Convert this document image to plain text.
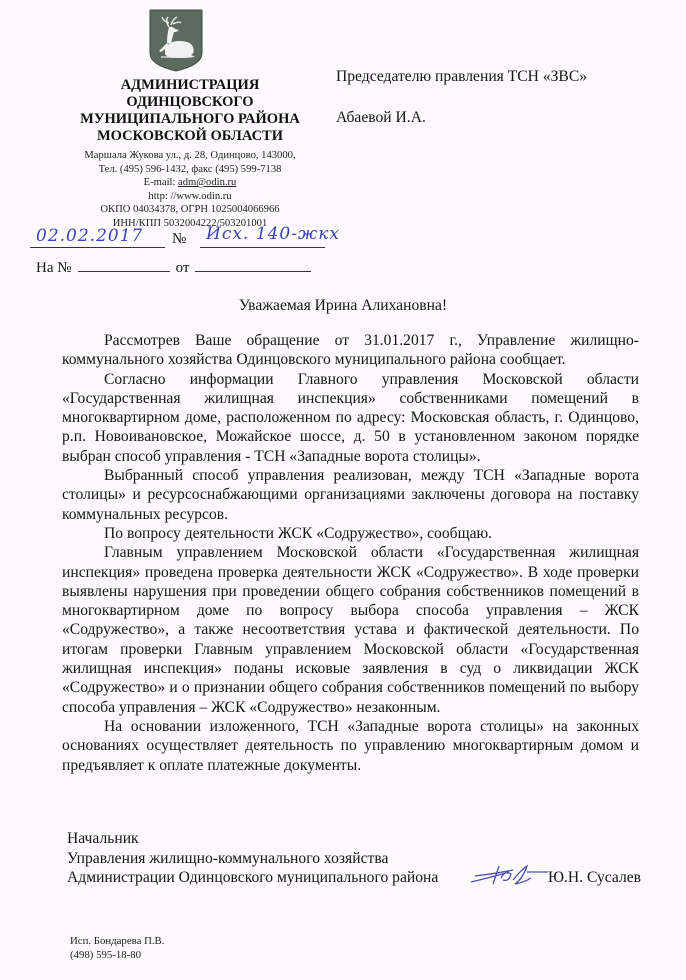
АДМИНИСТРАЦИЯ
ОДИНЦОВСКОГО
МУНИЦИПАЛЬНОГО РАЙОНА
МОСКОВСКОЙ ОБЛАСТИ
Маршала Жукова ул., д. 28, Одинцово, 143000,
Тел. (495) 596-1432, факс (495) 599-7138
E-mail: adm@odin.ru
http: //www.odin.ru
ОКПО 04034378, ОГРН 1025004066966
ИНН/КПП 5032004222/503201001
Председателю правления ТСН «ЗВС»
Абаевой И.А.
02.02.2017 № Исх. 140-жкх
На №	от
Уважаемая Ирина Алихановна!

Рассмотрев Ваше обращение от 31.01.2017 г., Управление жилищно-коммунального хозяйства Одинцовского муниципального района сообщает.

Согласно информации Главного управления Московской области «Государственная жилищная инспекция» собственниками помещений в многоквартирном доме, расположенном по адресу: Московская область, г. Одинцово, р.п. Новоивановское, Можайское шоссе, д. 50 в установленном законом порядке выбран способ управления - ТСН «Западные ворота столицы».

Выбранный способ управления реализован, между ТСН «Западные ворота столицы» и ресурсоснабжающими организациями заключены договора на поставку коммунальных ресурсов.

По вопросу деятельности ЖСК «Содружество», сообщаю.

Главным управлением Московской области «Государственная жилищная инспекция» проведена проверка деятельности ЖСК «Содружество». В ходе проверки выявлены нарушения при проведении общего собрания собственников помещений в многоквартирном доме по вопросу выбора способа управления – ЖСК «Содружество», а также несоответствия устава и фактической деятельности. По итогам проверки Главным управлением Московской области «Государственная жилищная инспекция» поданы исковые заявления в суд о ликвидации ЖСК «Содружество» и о признании общего собрания собственников помещений по выбору способа управления – ЖСК «Содружество» незаконным.

На основании изложенного, ТСН «Западные ворота столицы» на законных основаниях осуществляет деятельность по управлению многоквартирным домом и предъявляет к оплате платежные документы.

Начальник
Управления жилищно-коммунального хозяйства
Администрации Одинцовского муниципального района	Ю.Н. Сусалев
Исп. Бондарева П.В.
(498) 595-18-80
